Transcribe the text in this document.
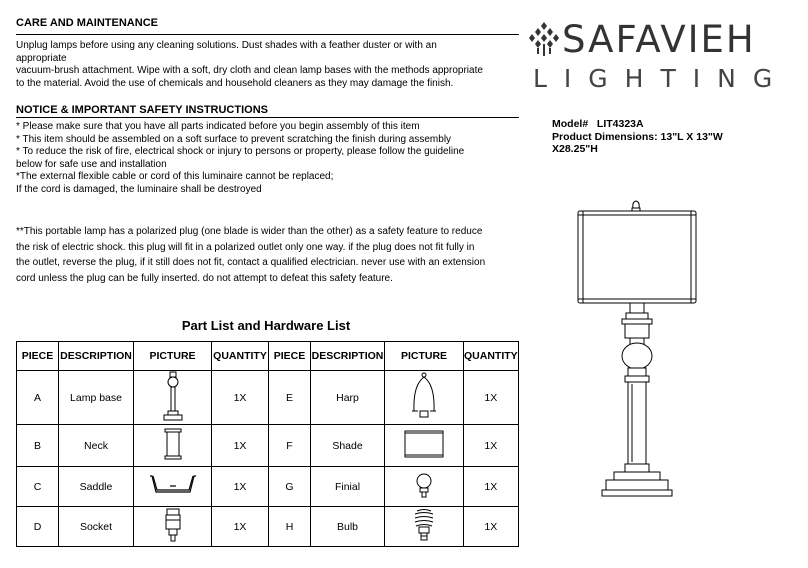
CARE AND MAINTENANCE
Unplug lamps before using any cleaning solutions. Dust shades with a feather duster or with an
appropriate
vacuum-brush attachment. Wipe with a soft, dry cloth and clean lamp bases with the methods appropriate
to the material. Avoid the use of chemicals and household cleaners as they may damage the finish.
NOTICE & IMPORTANT SAFETY INSTRUCTIONS
* Please make sure that you have all parts indicated before you begin assembly of this item
* This item should be assembled on a soft surface to prevent scratching the finish during assembly
* To reduce the risk of fire, electrical shock or injury to persons or property, please follow the guideline
below for safe use and installation
*The external flexible cable or cord of this luminaire cannot be replaced;
If the cord is damaged, the luminaire shall be destroyed
**This portable lamp has a polarized plug (one blade is wider than the other) as a safety feature to reduce
the risk of electric shock. this plug will fit in a polarized outlet only one way. if the plug does not fit fully in
the outlet, reverse the plug, if it still does not fit, contact a qualified electrician. never use with an extension
cord unless the plug can be fully inserted. do not attempt to defeat this safety feature.
SAFAVIEH
LIGHTING
Model#   LIT4323A
Product Dimensions: 13"L X 13"W
X28.25"H
Part List and Hardware List
PIECE	DESCRIPTION	PICTURE	QUANTITY	PIECE	DESCRIPTION	PICTURE	QUANTITY
A	Lamp base		1X	E	Harp		1X
B	Neck		1X	F	Shade		1X
C	Saddle		1X	G	Finial		1X
D	Socket		1X	H	Bulb		1X
